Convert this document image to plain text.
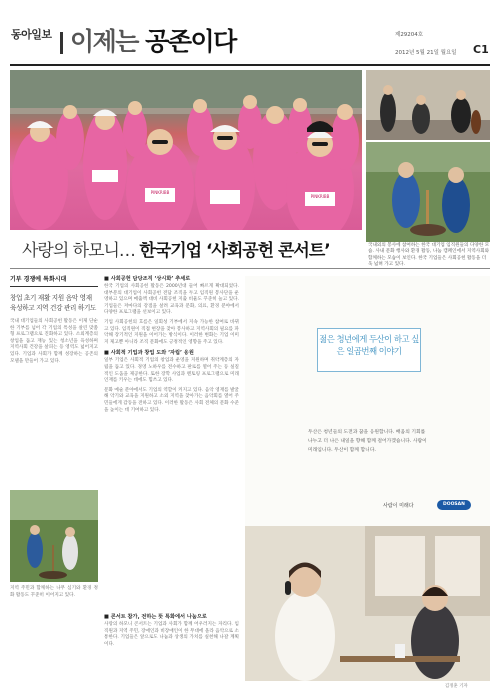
동아일보 이제는 공존이다	제29204호
2012년 5월 21일 월요일 C1
PINKRIBB
PINKRIBB
국내외의 봉사에 참여하는 한국 대기업 임직원들의 다양한 모습. 사내 문화 행사와 환경 활동, 나눔 캠페인에서 지역사회와 함께하는 모습이 보인다. 한국 기업들은 사회공헌 활동을 더욱 넓혀 가고 있다.
사랑의 하모니… 한국기업 ‘사회공헌 콘서트’
기부 경쟁에 특화시대
창업 초기 재활 지원 음악 영재 육성하고 지역 건강 관리 하기도
국내 대기업들의 사회공헌 활동은 이제 단순한 기부를 넘어 각 기업의 특성을 살린 맞춤형 프로그램으로 진화하고 있다. 소외계층의 창업을 돕고 재능 있는 청소년을 육성하며 지역사회 건강을 살피는 등 영역도 넓어지고 있다. 기업과 사회가 함께 성장하는 공존의 모델을 만들어 가고 있다.
지역 주민과 함께하는 나무 심기와 환경 정화 활동도 꾸준히 이어지고 있다.
■ 사회공헌 담당조직 ‘상시화’ 추세로
한국 기업의 사회공헌 활동은 2000년대 들어 빠르게 확대되었다. 대부분의 대기업이 사회공헌 전담 조직을 두고 임직원 봉사단을 운영하고 있으며 매출액 대비 사회공헌 지출 비율도 꾸준히 늘고 있다. 기업들은 저마다의 강점을 살려 교육과 문화, 의료, 환경 분야에서 다양한 프로그램을 선보이고 있다.
기업 사회공헌의 흐름은 일회성 기부에서 지속 가능한 참여로 바뀌고 있다. 임직원이 직접 현장을 찾아 봉사하고 지역사회의 필요를 파악해 장기적인 지원을 이어가는 방식이다. 이러한 변화는 기업 이미지 제고뿐 아니라 조직 문화에도 긍정적인 영향을 주고 있다.
■ 사회적 기업과 창업 도와 ‘자립’ 응원
일부 기업은 사회적 기업의 창업과 운영을 지원하며 취약계층의 자립을 돕고 있다. 경영 노하우를 전수하고 판로를 열어 주는 등 실질적인 도움을 제공한다. 또한 장학 사업과 멘토링 프로그램으로 미래 인재를 키우는 데에도 힘쓰고 있다.
문화 예술 분야에서도 기업의 역할이 커지고 있다. 음악 영재를 발굴해 악기와 교육을 지원하고 소외 지역을 찾아가는 음악회를 열어 주민들에게 감동을 전하고 있다. 이러한 활동은 사회 전체의 문화 수준을 높이는 데 기여하고 있다.
■ 콘서트 참가, 전하는 뜻 특화에서 나눔으로
사랑의 하모니 콘서트는 기업과 사회가 함께 어우러지는 자리다. 임직원과 지역 주민, 장애인과 비장애인이 한 무대에 올라 음악으로 소통한다. 기업들은 앞으로도 나눔과 상생의 가치를 실천해 나갈 계획이다.
김정훈 기자

젊은 청년에게 두산이 하고 싶은 일곱번째 이야기

두산은 청년들의 도전과 꿈을 응원합니다. 배움의 기회를 나누고 더 나은 내일을 향해 함께 걸어가겠습니다. 사람이 미래입니다. 두산이 함께 합니다.
사람이 미래다	DOOSAN
